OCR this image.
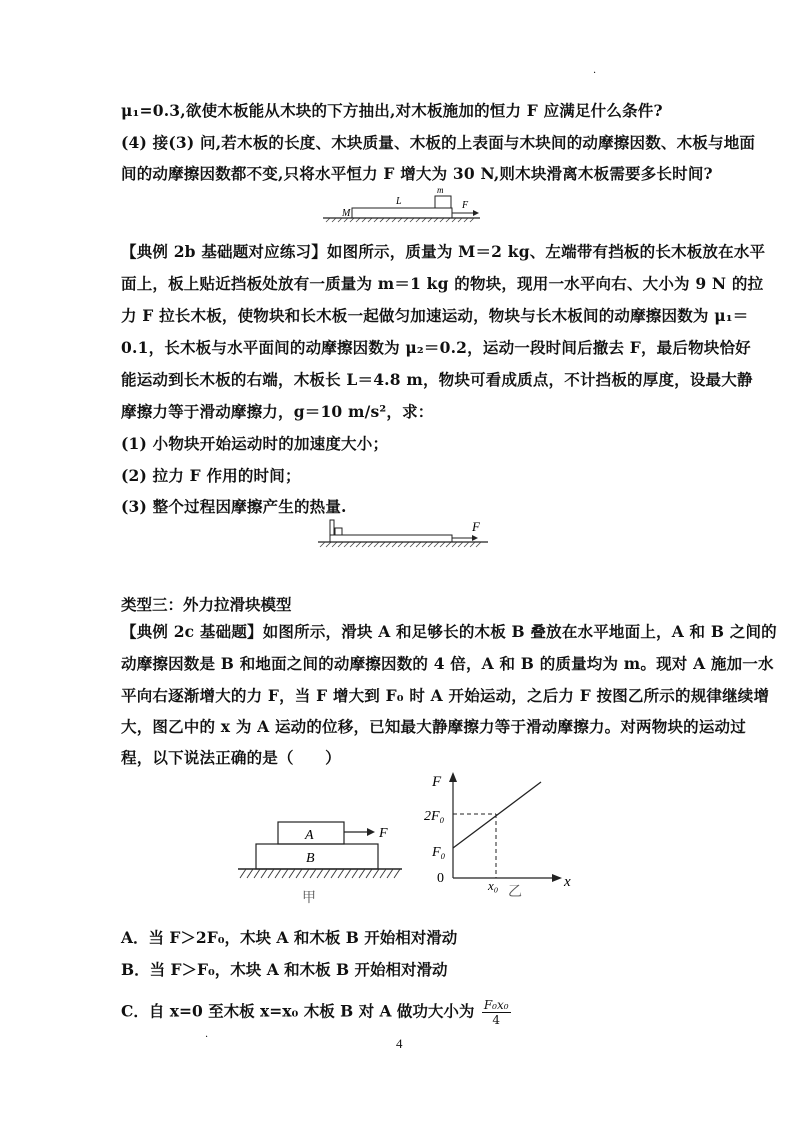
·
μ₁=0.3,欲使木板能从木块的下方抽出,对木板施加的恒力 F 应满足什么条件?
(4) 接(3) 问,若木板的长度、木块质量、木板的上表面与木块间的动摩擦因数、木板与地面
间的动摩擦因数都不变,只将水平恒力 F 增大为 30 N,则木块滑离木板需要多长时间?
M
L
m
F
【典例 2b 基础题对应练习】如图所示，质量为 M＝2 kg、左端带有挡板的长木板放在水平
面上，板上贴近挡板处放有一质量为 m＝1 kg 的物块，现用一水平向右、大小为 9 N 的拉
力 F 拉长木板，使物块和长木板一起做匀加速运动，物块与长木板间的动摩擦因数为 μ₁＝
0.1，长木板与水平面间的动摩擦因数为 μ₂＝0.2，运动一段时间后撤去 F，最后物块恰好
能运动到长木板的右端，木板长 L＝4.8 m，物块可看成质点，不计挡板的厚度，设最大静
摩擦力等于滑动摩擦力，g＝10 m/s²，求：
(1) 小物块开始运动时的加速度大小；
(2) 拉力 F 作用的时间；
(3) 整个过程因摩擦产生的热量.
F
类型三：外力拉滑块模型
【典例 2c 基础题】如图所示，滑块 A 和足够长的木板 B 叠放在水平地面上，A 和 B 之间的
动摩擦因数是 B 和地面之间的动摩擦因数的 4 倍，A 和 B 的质量均为 m。现对 A 施加一水
平向右逐渐增大的力 F，当 F 增大到 F₀ 时 A 开始运动，之后力 F 按图乙所示的规律继续增
大，图乙中的 x 为 A 运动的位移，已知最大静摩擦力等于滑动摩擦力。对两物块的运动过
程，以下说法正确的是（　　）
A
B
F
甲
F
x
2F₀
F₀
0	x₀ 乙
A．当 F＞2F₀，木块 A 和木板 B 开始相对滑动
B．当 F＞F₀，木块 A 和木板 B 开始相对滑动
C．自 x=0 至木板 x=x₀ 木板 B 对 A 做功大小为 $\frac{\text{F₀x₀}}{4}$
·	4
